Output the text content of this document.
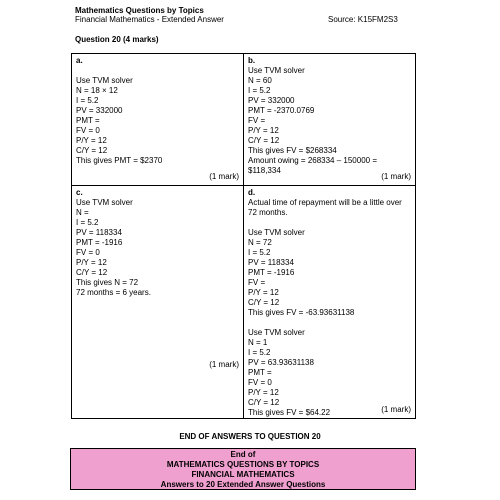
Mathematics Questions by Topics
Financial Mathematics - Extended Answer	Source: K15FM2S3
Question 20 (4 marks)
a.
Use TVM solver
N = 18 × 12
I = 5.2
PV = 332000
PMT =
FV = 0
P/Y = 12
C/Y = 12
This gives PMT = $2370
(1 mark)
b.
Use TVM solver
N = 60
I = 5.2
PV = 332000
PMT = -2370.0769
FV =
P/Y = 12
C/Y = 12
This gives FV = $268334
Amount owing = 268334 – 150000 =
$118,334
(1 mark)
c.
Use TVM solver
N =
I = 5.2
PV = 118334
PMT = -1916
FV = 0
P/Y = 12
C/Y = 12
This gives N = 72
72 months = 6 years.
(1 mark)
d.
Actual time of repayment will be a little over
72 months.
Use TVM solver
N = 72
I = 5.2
PV = 118334
PMT = -1916
FV =
P/Y = 12
C/Y = 12
This gives FV = -63.93631138
Use TVM solver
N = 1
I = 5.2
PV = 63.93631138
PMT =
FV = 0
P/Y = 12
C/Y = 12
This gives FV = $64.22	(1 mark)
END OF ANSWERS TO QUESTION 20
End of
MATHEMATICS QUESTIONS BY TOPICS
FINANCIAL MATHEMATICS
Answers to 20 Extended Answer Questions
